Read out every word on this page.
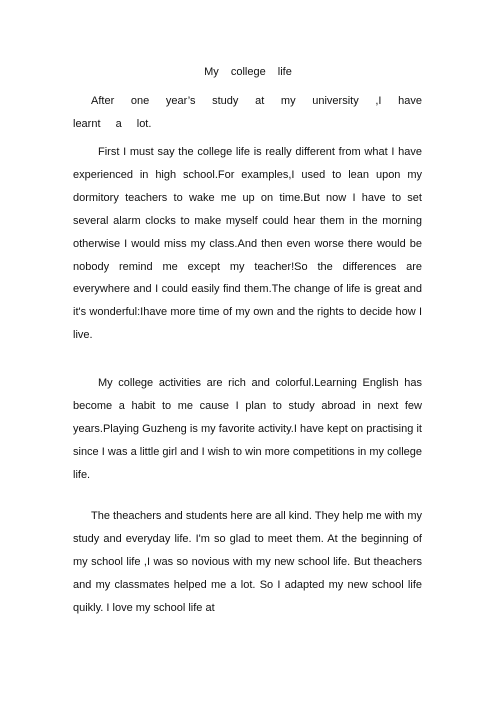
My college life

After one year’s study at my university ,I have learnt a lot.

First I must say the college life is really different from what I have experienced in high school.For examples,I used to lean upon my dormitory teachers to wake me up on time.But now I have to set several alarm clocks to make myself could hear them in the morning otherwise I would miss my class.And then even worse there would be nobody remind me except my teacher!So the differences are everywhere and I could easily find them.The change of life is great and it's wonderful:Ihave more time of my own and the rights to decide how I live.

My college activities are rich and colorful.Learning English has become a habit to me cause I plan to study abroad in next few years.Playing Guzheng is my favorite activity.I have kept on practising it since I was a little girl and I wish to win more competitions in my college life.

The theachers and students here are all kind. They help me with my study and everyday life. I'm so glad to meet them. At the beginning of my school life ,I was so novious with my new school life. But theachers and my classmates helped me a lot. So I adapted my new school life quikly. I love my school life at
